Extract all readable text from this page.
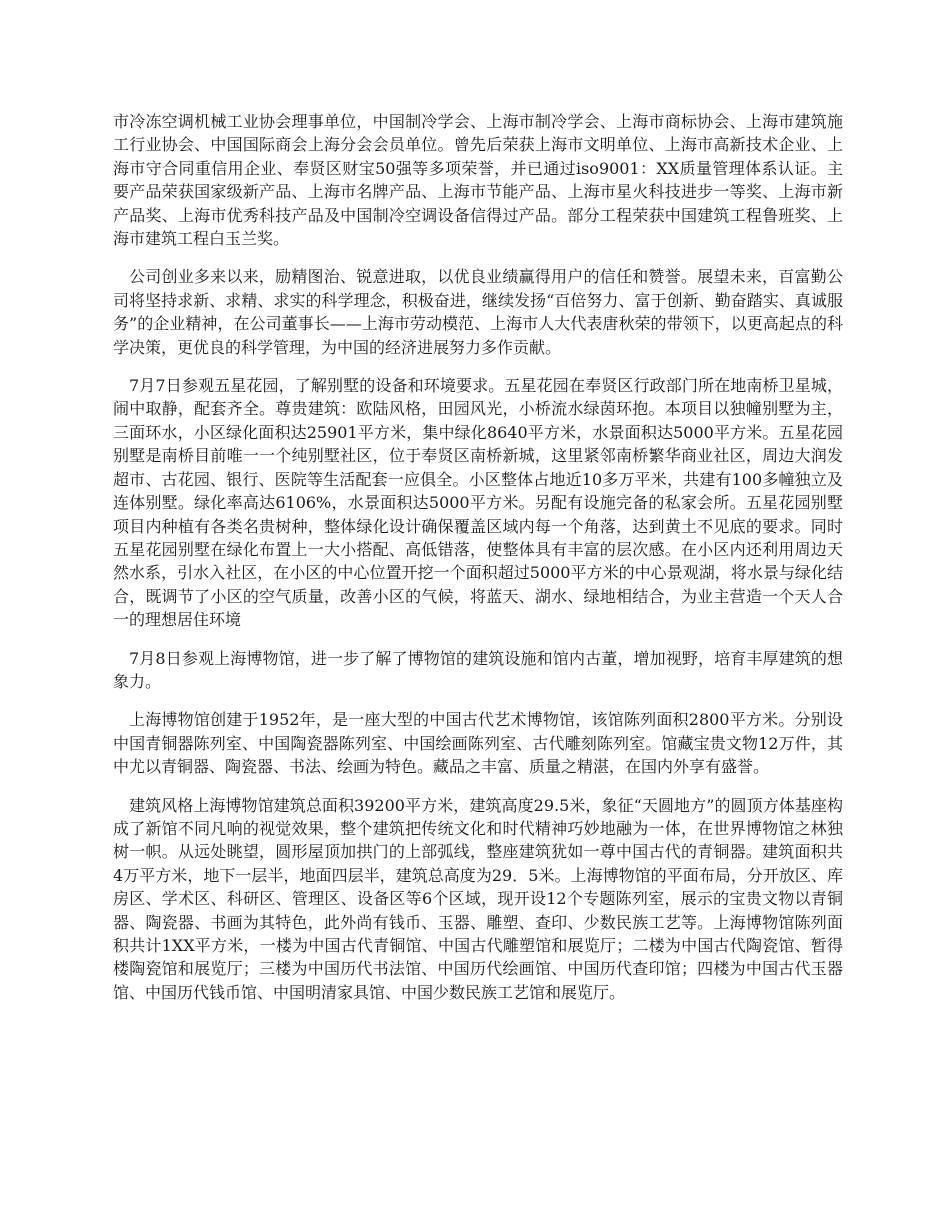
市冷冻空调机械工业协会理事单位，中国制冷学会、上海市制冷学会、上海市商标协会、上海市建筑施工行业协会、中国国际商会上海分会会员单位。曾先后荣获上海市文明单位、上海市高新技术企业、上海市守合同重信用企业、奉贤区财宝50强等多项荣誉，并已通过iso9001：XX质量管理体系认证。主要产品荣获国家级新产品、上海市名牌产品、上海市节能产品、上海市星火科技进步一等奖、上海市新产品奖、上海市优秀科技产品及中国制冷空调设备信得过产品。部分工程荣获中国建筑工程鲁班奖、上海市建筑工程白玉兰奖。

公司创业多来以来，励精图治、锐意进取，以优良业绩赢得用户的信任和赞誉。展望未来，百富勤公司将坚持求新、求精、求实的科学理念，积极奋进，继续发扬“百倍努力、富于创新、勤奋踏实、真诚服务”的企业精神，在公司董事长——上海市劳动模范、上海市人大代表唐秋荣的带领下，以更高起点的科学决策，更优良的科学管理，为中国的经济进展努力多作贡献。

7月7日参观五星花园，了解别墅的设备和环境要求。五星花园在奉贤区行政部门所在地南桥卫星城，闹中取静，配套齐全。尊贵建筑：欧陆风格，田园风光，小桥流水绿茵环抱。本项目以独幢别墅为主，三面环水，小区绿化面积达25901平方米，集中绿化8640平方米，水景面积达5000平方米。五星花园别墅是南桥目前唯一一个纯别墅社区，位于奉贤区南桥新城，这里紧邻南桥繁华商业社区，周边大润发超市、古花园、银行、医院等生活配套一应俱全。小区整体占地近10多万平米，共建有100多幢独立及连体别墅。绿化率高达6106%，水景面积达5000平方米。另配有设施完备的私家会所。五星花园别墅项目内种植有各类名贵树种，整体绿化设计确保覆盖区域内每一个角落，达到黄土不见底的要求。同时五星花园别墅在绿化布置上一大小搭配、高低错落，使整体具有丰富的层次感。在小区内还利用周边天然水系，引水入社区，在小区的中心位置开挖一个面积超过5000平方米的中心景观湖，将水景与绿化结合，既调节了小区的空气质量，改善小区的气候，将蓝天、湖水、绿地相结合，为业主营造一个天人合一的理想居住环境

7月8日参观上海博物馆，进一步了解了博物馆的建筑设施和馆内古董，增加视野，培育丰厚建筑的想象力。

上海博物馆创建于1952年，是一座大型的中国古代艺术博物馆，该馆陈列面积2800平方米。分别设中国青铜器陈列室、中国陶瓷器陈列室、中国绘画陈列室、古代雕刻陈列室。馆藏宝贵文物12万件，其中尤以青铜器、陶瓷器、书法、绘画为特色。藏品之丰富、质量之精湛，在国内外享有盛誉。

建筑风格上海博物馆建筑总面积39200平方米，建筑高度29.5米，象征“天圆地方”的圆顶方体基座构成了新馆不同凡响的视觉效果，整个建筑把传统文化和时代精神巧妙地融为一体，在世界博物馆之林独树一帜。从远处眺望，圆形屋顶加拱门的上部弧线，整座建筑犹如一尊中国古代的青铜器。建筑面积共4万平方米，地下一层半，地面四层半，建筑总高度为29．5米。上海博物馆的平面布局，分开放区、库房区、学术区、科研区、管理区、设备区等6个区域，现开设12个专题陈列室，展示的宝贵文物以青铜器、陶瓷器、书画为其特色，此外尚有钱币、玉器、雕塑、查印、少数民族工艺等。上海博物馆陈列面积共计1XX平方米，一楼为中国古代青铜馆、中国古代雕塑馆和展览厅；二楼为中国古代陶瓷馆、暂得楼陶瓷馆和展览厅；三楼为中国历代书法馆、中国历代绘画馆、中国历代查印馆；四楼为中国古代玉器馆、中国历代钱币馆、中国明清家具馆、中国少数民族工艺馆和展览厅。
